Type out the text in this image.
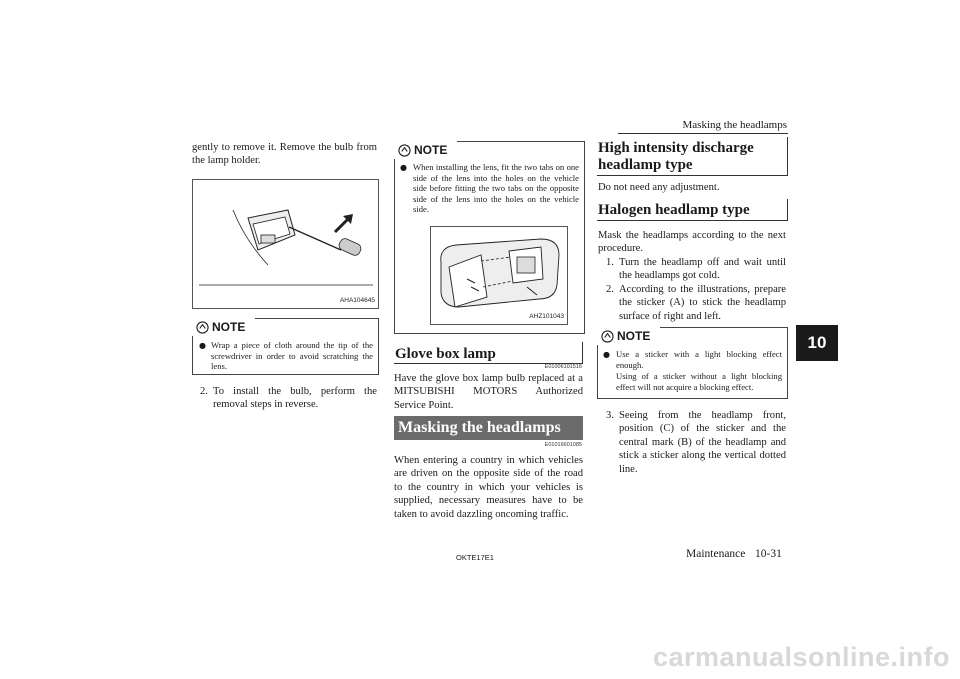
Masking the headlamps
gently to remove it. Remove the bulb from the lamp holder.
AHA104645
NOTE
● Wrap a piece of cloth around the tip of the screwdriver in order to avoid scratching the lens.
2. To install the bulb, perform the removal steps in reverse.
NOTE
● When installing the lens, fit the two tabs on one side of the lens into the holes on the vehicle side before fitting the two tabs on the opposite side of the lens into the holes on the vehicle side.
AHZ101043
Glove box lamp
E01006101516
Have the glove box lamp bulb replaced at a MITSUBISHI MOTORS Authorized Service Point.
Masking the headlamps
E01016601085
When entering a country in which vehicles are driven on the opposite side of the road to the country in which your vehicles is supplied, necessary measures have to be taken to avoid dazzling oncoming traffic.
High intensity discharge headlamp type
Do not need any adjustment.
Halogen headlamp type
Mask the headlamps according to the next procedure.
1. Turn the headlamp off and wait until the headlamps got cold.
2. According to the illustrations, prepare the sticker (A) to stick the headlamp surface of right and left.
NOTE
● Use a sticker with a light blocking effect enough.
Using of a sticker without a light blocking effect will not acquire a blocking effect.
3. Seeing from the headlamp front, position (C) of the sticker and the central mark (B) of the headlamp and stick a sticker along the vertical dotted line.
10
OKTE17E1	Maintenance 10-31
carmanualsonline.info
